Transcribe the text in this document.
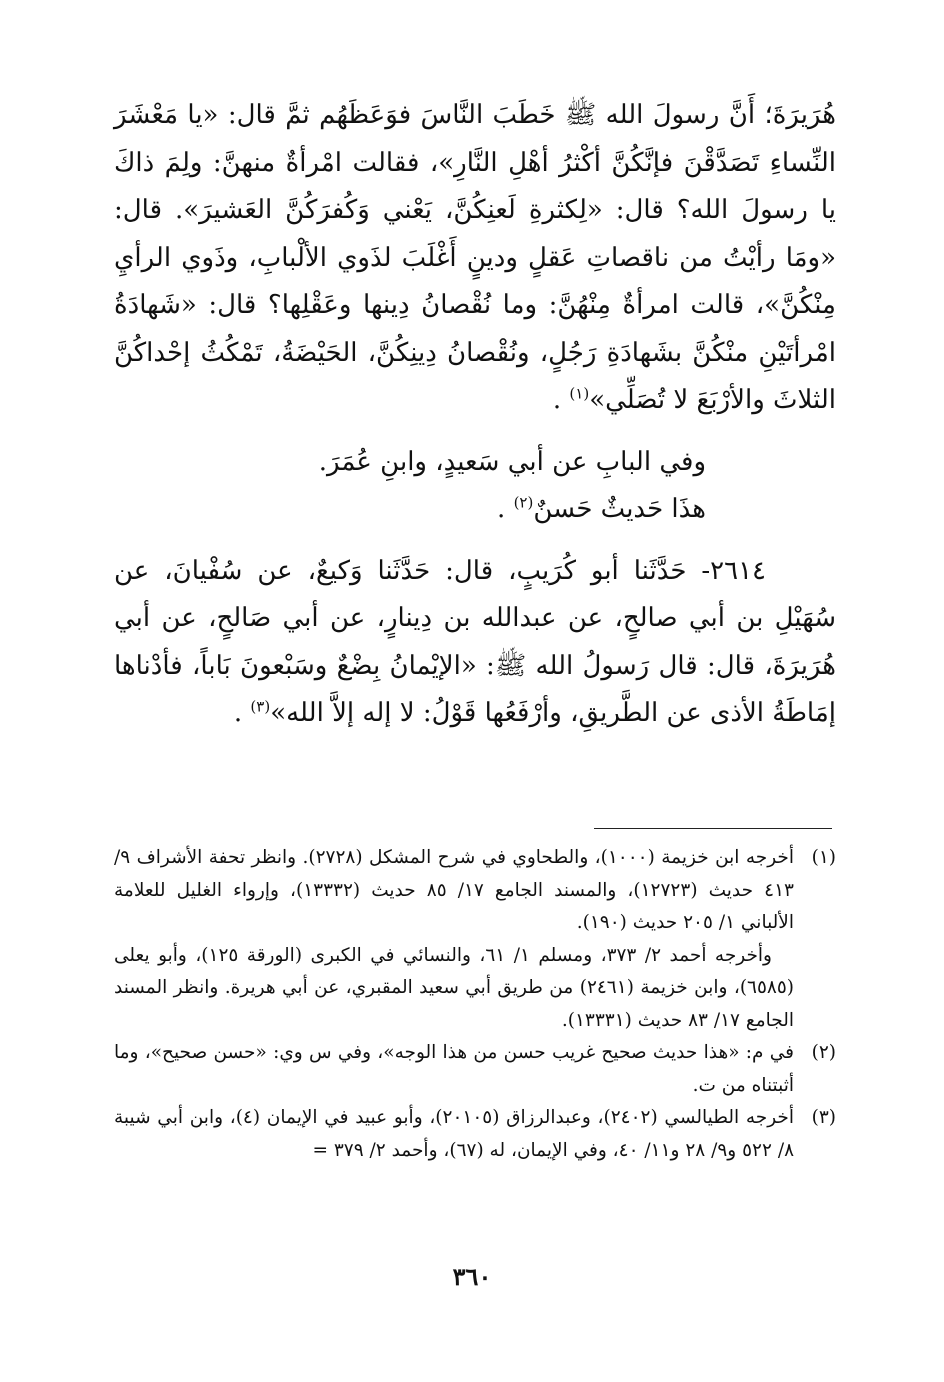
هُرَيرَةَ؛ أَنَّ رسولَ الله ﷺ خَطَبَ النَّاسَ فوَعَظَهُم ثمَّ قال: «يا مَعْشَرَ النِّساءِ تَصَدَّقْنَ فإنَّكُنَّ أكْثرُ أهْلِ النَّارِ»، فقالت امْرأةٌ منهنَّ: ولِمَ ذاكَ يا رسولَ الله؟ قال: «لِكثرةِ لَعنِكُنَّ، يَعْني وَكُفرَكُنَّ العَشيرَ». قال: «ومَا رأيْتُ من ناقصاتِ عَقلٍ ودينٍ أَغْلَبَ لذَوي الألْبابِ، وذَوي الرأيِ مِنْكُنَّ»، قالت امرأةٌ مِنْهُنَّ: وما نُقْصانُ دِينها وعَقْلِها؟ قال: «شَهادَةُ امْرأتَيْنِ منْكُنَّ بشَهادَةِ رَجُلٍ، ونُقْصانُ دِينِكُنَّ، الحَيْضَةُ، تَمْكُثُ إحْداكُنَّ الثلاثَ والأرْبَعَ لا تُصَلِّي»$^{(١)}$ .

وفي البابِ عن أبي سَعيدٍ، وابنِ عُمَرَ.

هذَا حَديثٌ حَسنٌ$^{(٢)}$ .

٢٦١٤- حَدَّثَنا أبو كُرَيبٍ، قال: حَدَّثَنا وَكيعٌ، عن سُفْيانَ، عن سُهَيْلِ بن أبي صالحٍ، عن عبدالله بن دِينارٍ، عن أبي صَالحٍ، عن أبي هُرَيرَةَ، قال: قال رَسولُ الله ﷺ: «الإيْمانُ بِضْعٌ وسَبْعونَ بَاباً، فأدْناها إمَاطَةُ الأذى عن الطَّريقِ، وأرْفَعُها قَوْلُ: لا إله إلاَّ الله»$^{(٣)}$ .

(١)

أخرجه ابن خزيمة (١٠٠٠)، والطحاوي في شرح المشكل (٢٧٢٨). وانظر تحفة الأشراف ٩/ ٤١٣ حديث (١٢٧٢٣)، والمسند الجامع ١٧/ ٨٥ حديث (١٣٣٣٢)، وإرواء الغليل للعلامة الألباني ١/ ٢٠٥ حديث (١٩٠).

وأخرجه أحمد ٢/ ٣٧٣، ومسلم ١/ ٦١، والنسائي في الكبرى (الورقة ١٢٥)، وأبو يعلى (٦٥٨٥)، وابن خزيمة (٢٤٦١) من طريق أبي سعيد المقبري، عن أبي هريرة. وانظر المسند الجامع ١٧/ ٨٣ حديث (١٣٣٣١).

(٢)

في م: «هذا حديث صحيح غريب حسن من هذا الوجه»، وفي س وي: «حسن صحيح»، وما أثبتناه من ت.

(٣)

أخرجه الطيالسي (٢٤٠٢)، وعبدالرزاق (٢٠١٠٥)، وأبو عبيد في الإيمان (٤)، وابن أبي شيبة ٨/ ٥٢٢ و٩/ ٢٨ و١١/ ٤٠، وفي الإيمان، له (٦٧)، وأحمد ٢/ ٣٧٩ =

٣٦٠
